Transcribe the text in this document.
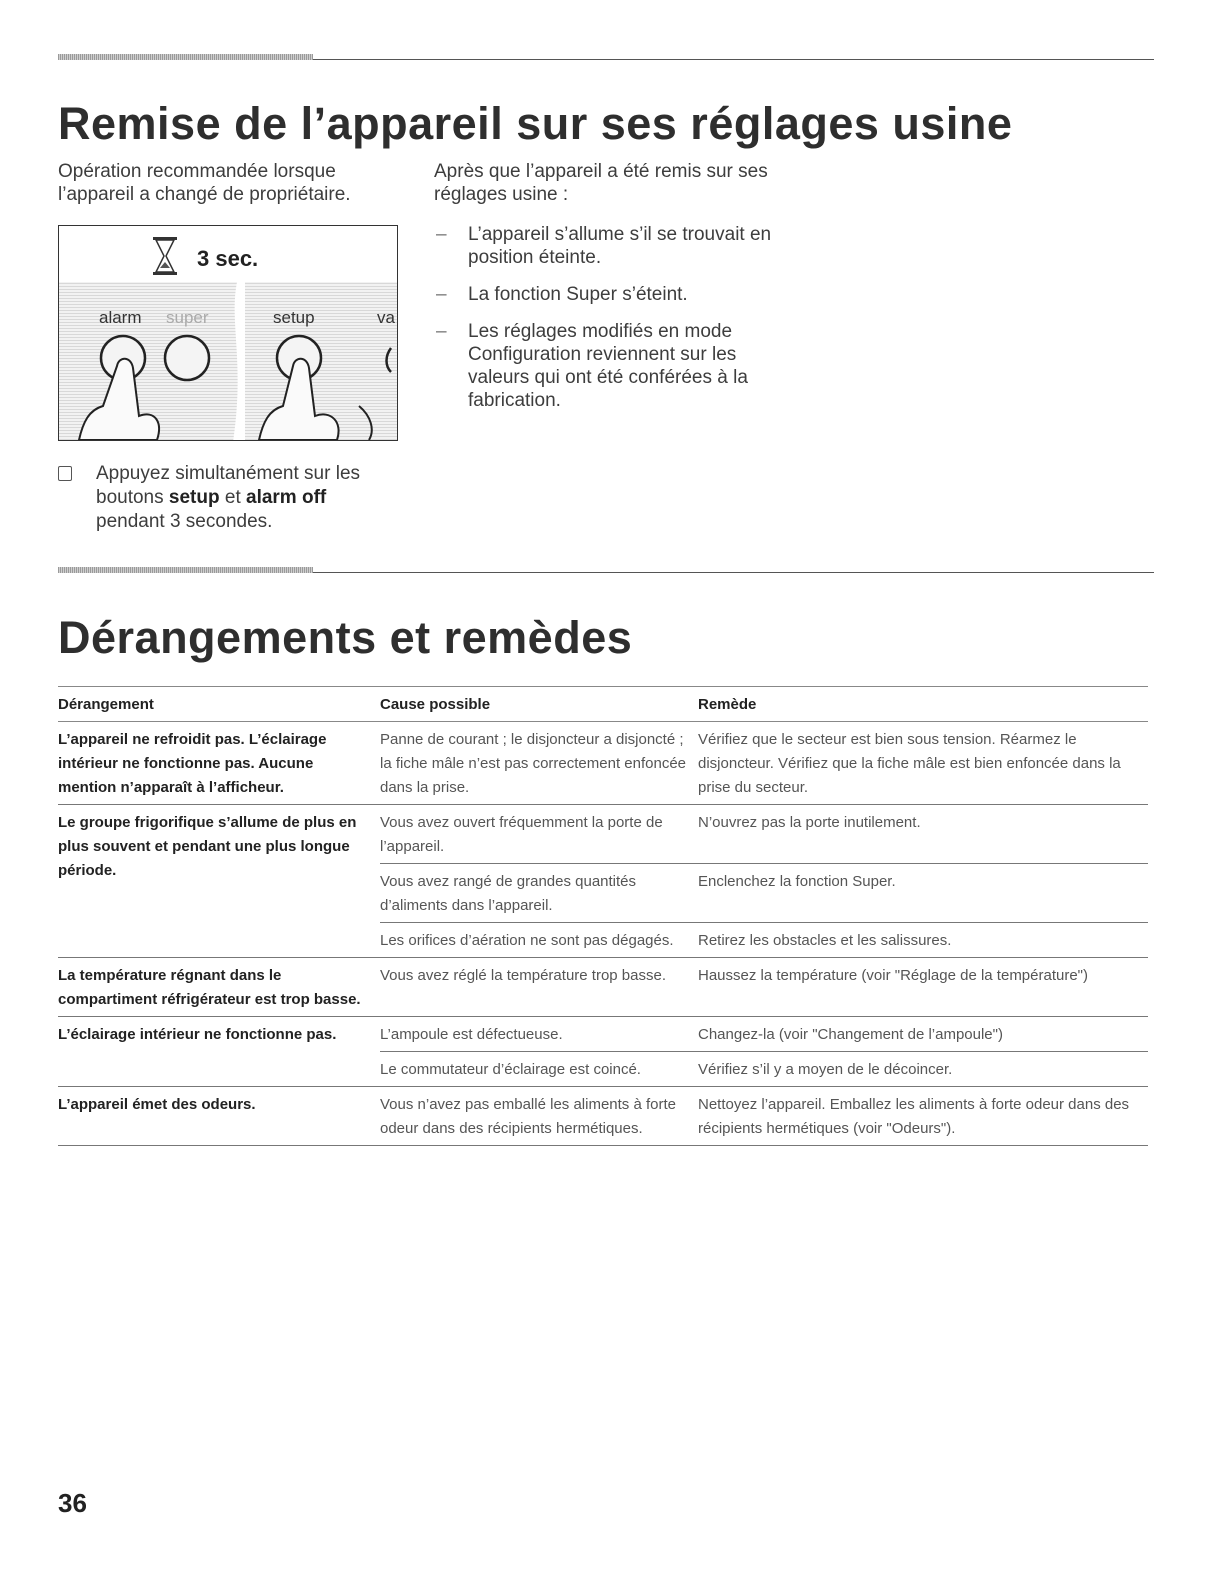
Remise de l’appareil sur ses réglages usine
Opération recommandée lorsque l’appareil a changé de propriétaire.
Après que l’appareil a été remis sur ses réglages usine :
– L’appareil s’allume s’il se trouvait en position éteinte.
– La fonction Super s’éteint.
– Les réglages modifiés en mode Configuration reviennent sur les valeurs qui ont été conférées à la fabrication.
3 sec.
alarm super	setup	va
Appuyez simultanément sur les boutons setup et alarm off pendant 3 secondes.
Dérangements et remèdes
Dérangement	Cause possible	Remède
L’appareil ne refroidit pas. L’éclairage intérieur ne fonctionne pas. Aucune mention n’apparaît à l’afficheur.	Panne de courant ; le disjoncteur a disjoncté ; la fiche mâle n’est pas correctement enfoncée dans la prise.	Vérifiez que le secteur est bien sous tension. Réarmez le disjoncteur. Vérifiez que la fiche mâle est bien enfoncée dans la prise du secteur.
Le groupe frigorifique s’allume de plus en plus souvent et pendant une plus longue période.	Vous avez ouvert fréquemment la porte de l’appareil.	N’ouvrez pas la porte inutilement.
	Vous avez rangé de grandes quantités d’aliments dans l’appareil.	Enclenchez la fonction Super.
	Les orifices d’aération ne sont pas dégagés.	Retirez les obstacles et les salissures.
La température régnant dans le compartiment réfrigérateur est trop basse.	Vous avez réglé la température trop basse.	Haussez la température (voir "Réglage de la température")
L’éclairage intérieur ne fonctionne pas.	L’ampoule est défectueuse.	Changez-la (voir "Changement de l’ampoule")
	Le commutateur d’éclairage est coincé.	Vérifiez s’il y a moyen de le décoincer.
L’appareil émet des odeurs.	Vous n’avez pas emballé les aliments à forte odeur dans des récipients hermétiques.	Nettoyez l’appareil. Emballez les aliments à forte odeur dans des récipients hermétiques (voir "Odeurs").
36
